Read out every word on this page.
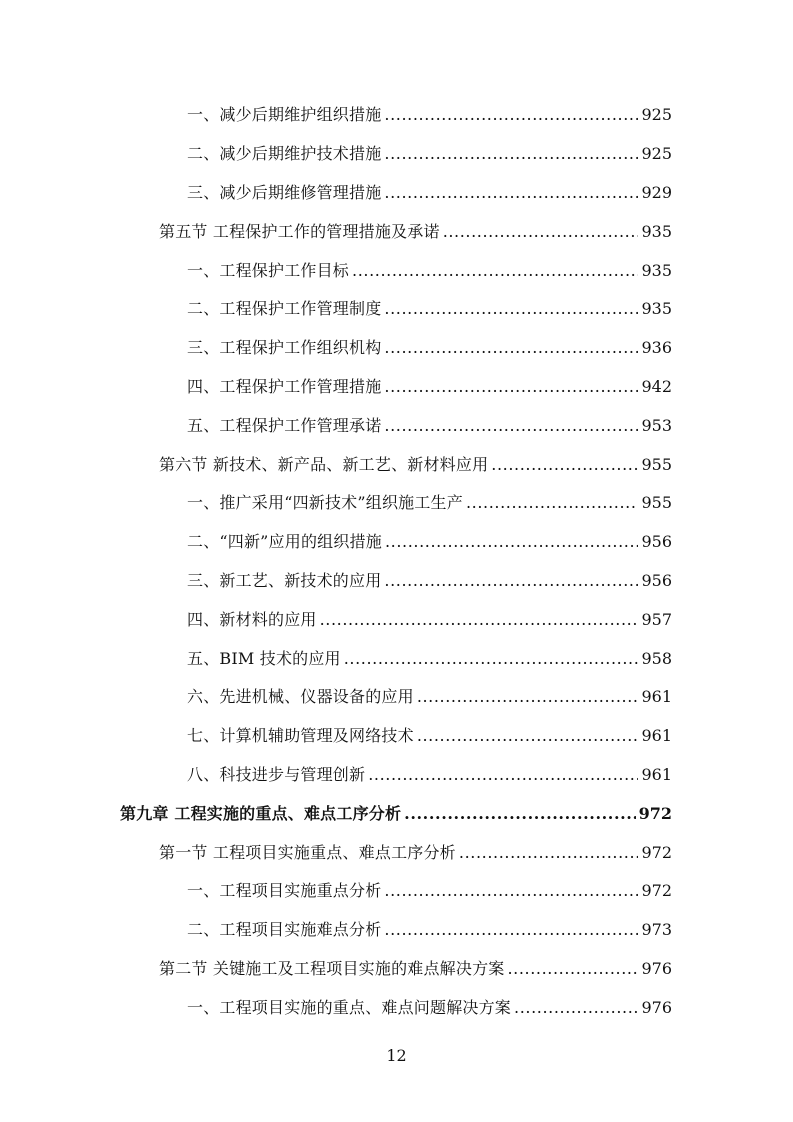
一、减少后期维护组织措施 .....	925
二、减少后期维护技术措施 .....	925
三、减少后期维修管理措施 .....	929
第五节 工程保护工作的管理措施及承诺 .....	935
一、工程保护工作目标 .....	935
二、工程保护工作管理制度 .....	935
三、工程保护工作组织机构 .....	936
四、工程保护工作管理措施 .....	942
五、工程保护工作管理承诺 .....	953
第六节 新技术、新产品、新工艺、新材料应用 .....	955
一、推广采用“四新技术”组织施工生产 .....	955
二、“四新”应用的组织措施 .....	956
三、新工艺、新技术的应用 .....	956
四、新材料的应用 .....	957
五、BIM 技术的应用 .....	958
六、先进机械、仪器设备的应用 .....	961
七、计算机辅助管理及网络技术 .....	961
八、科技进步与管理创新 .....	961
第九章 工程实施的重点、难点工序分析 .....	972
第一节 工程项目实施重点、难点工序分析 .....	972
一、工程项目实施重点分析 .....	972
二、工程项目实施难点分析 .....	973
第二节 关键施工及工程项目实施的难点解决方案 .....	976
一、工程项目实施的重点、难点问题解决方案 .....	976
12
